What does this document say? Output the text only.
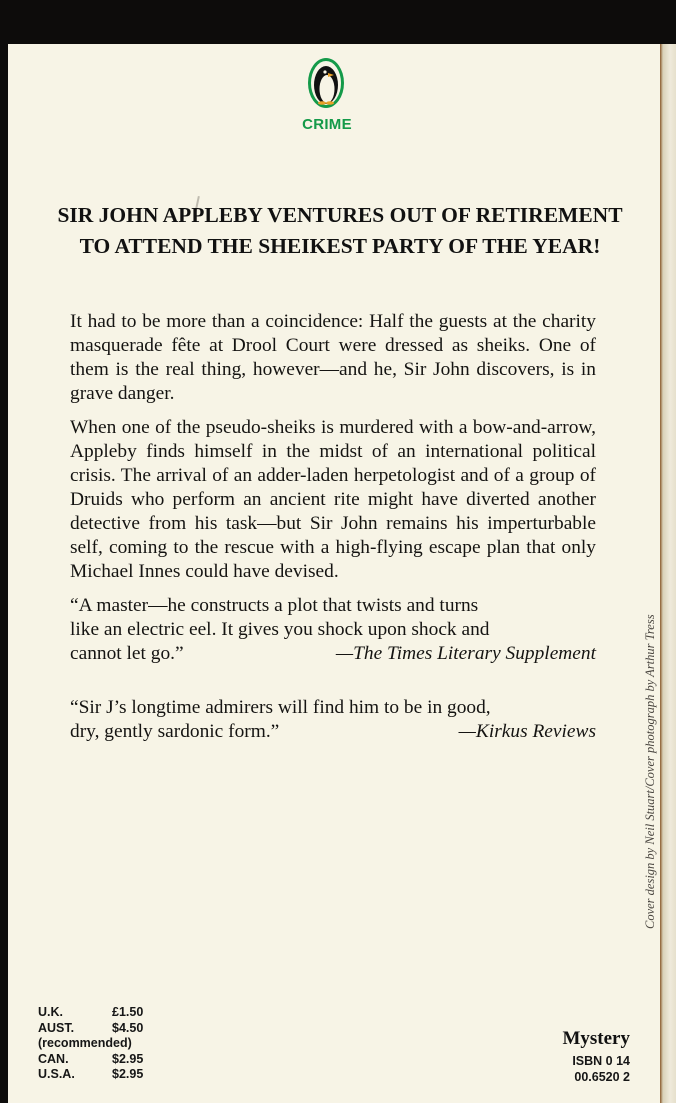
CRIME
SIR JOHN APPLEBY VENTURES OUT OF RETIREMENT TO ATTEND THE SHEIKEST PARTY OF THE YEAR!

It had to be more than a coincidence: Half the guests at the charity masquerade fête at Drool Court were dressed as sheiks. One of them is the real thing, however—and he, Sir John discovers, is in grave danger.

When one of the pseudo-sheiks is murdered with a bow-and-arrow, Appleby finds himself in the midst of an international political crisis. The arrival of an adder-laden herpetologist and of a group of Druids who perform an ancient rite might have diverted another detective from his task—but Sir John remains his imperturbable self, coming to the rescue with a high-flying escape plan that only Michael Innes could have devised.

“A master—he constructs a plot that twists and turns
like an electric eel. It gives you shock upon shock and
cannot let go.”	—The Times Literary Supplement
“Sir J’s longtime admirers will find him to be in good,
dry, gently sardonic form.”	—Kirkus Reviews	Cover design by Neil Stuart/Cover photograph by Arthur Tress
U.K.	£1.50
AUST.	$4.50
(recommended)	
CAN.	$2.95
U.S.A.	$2.95
Mystery
ISBN 0 14
00.6520 2
